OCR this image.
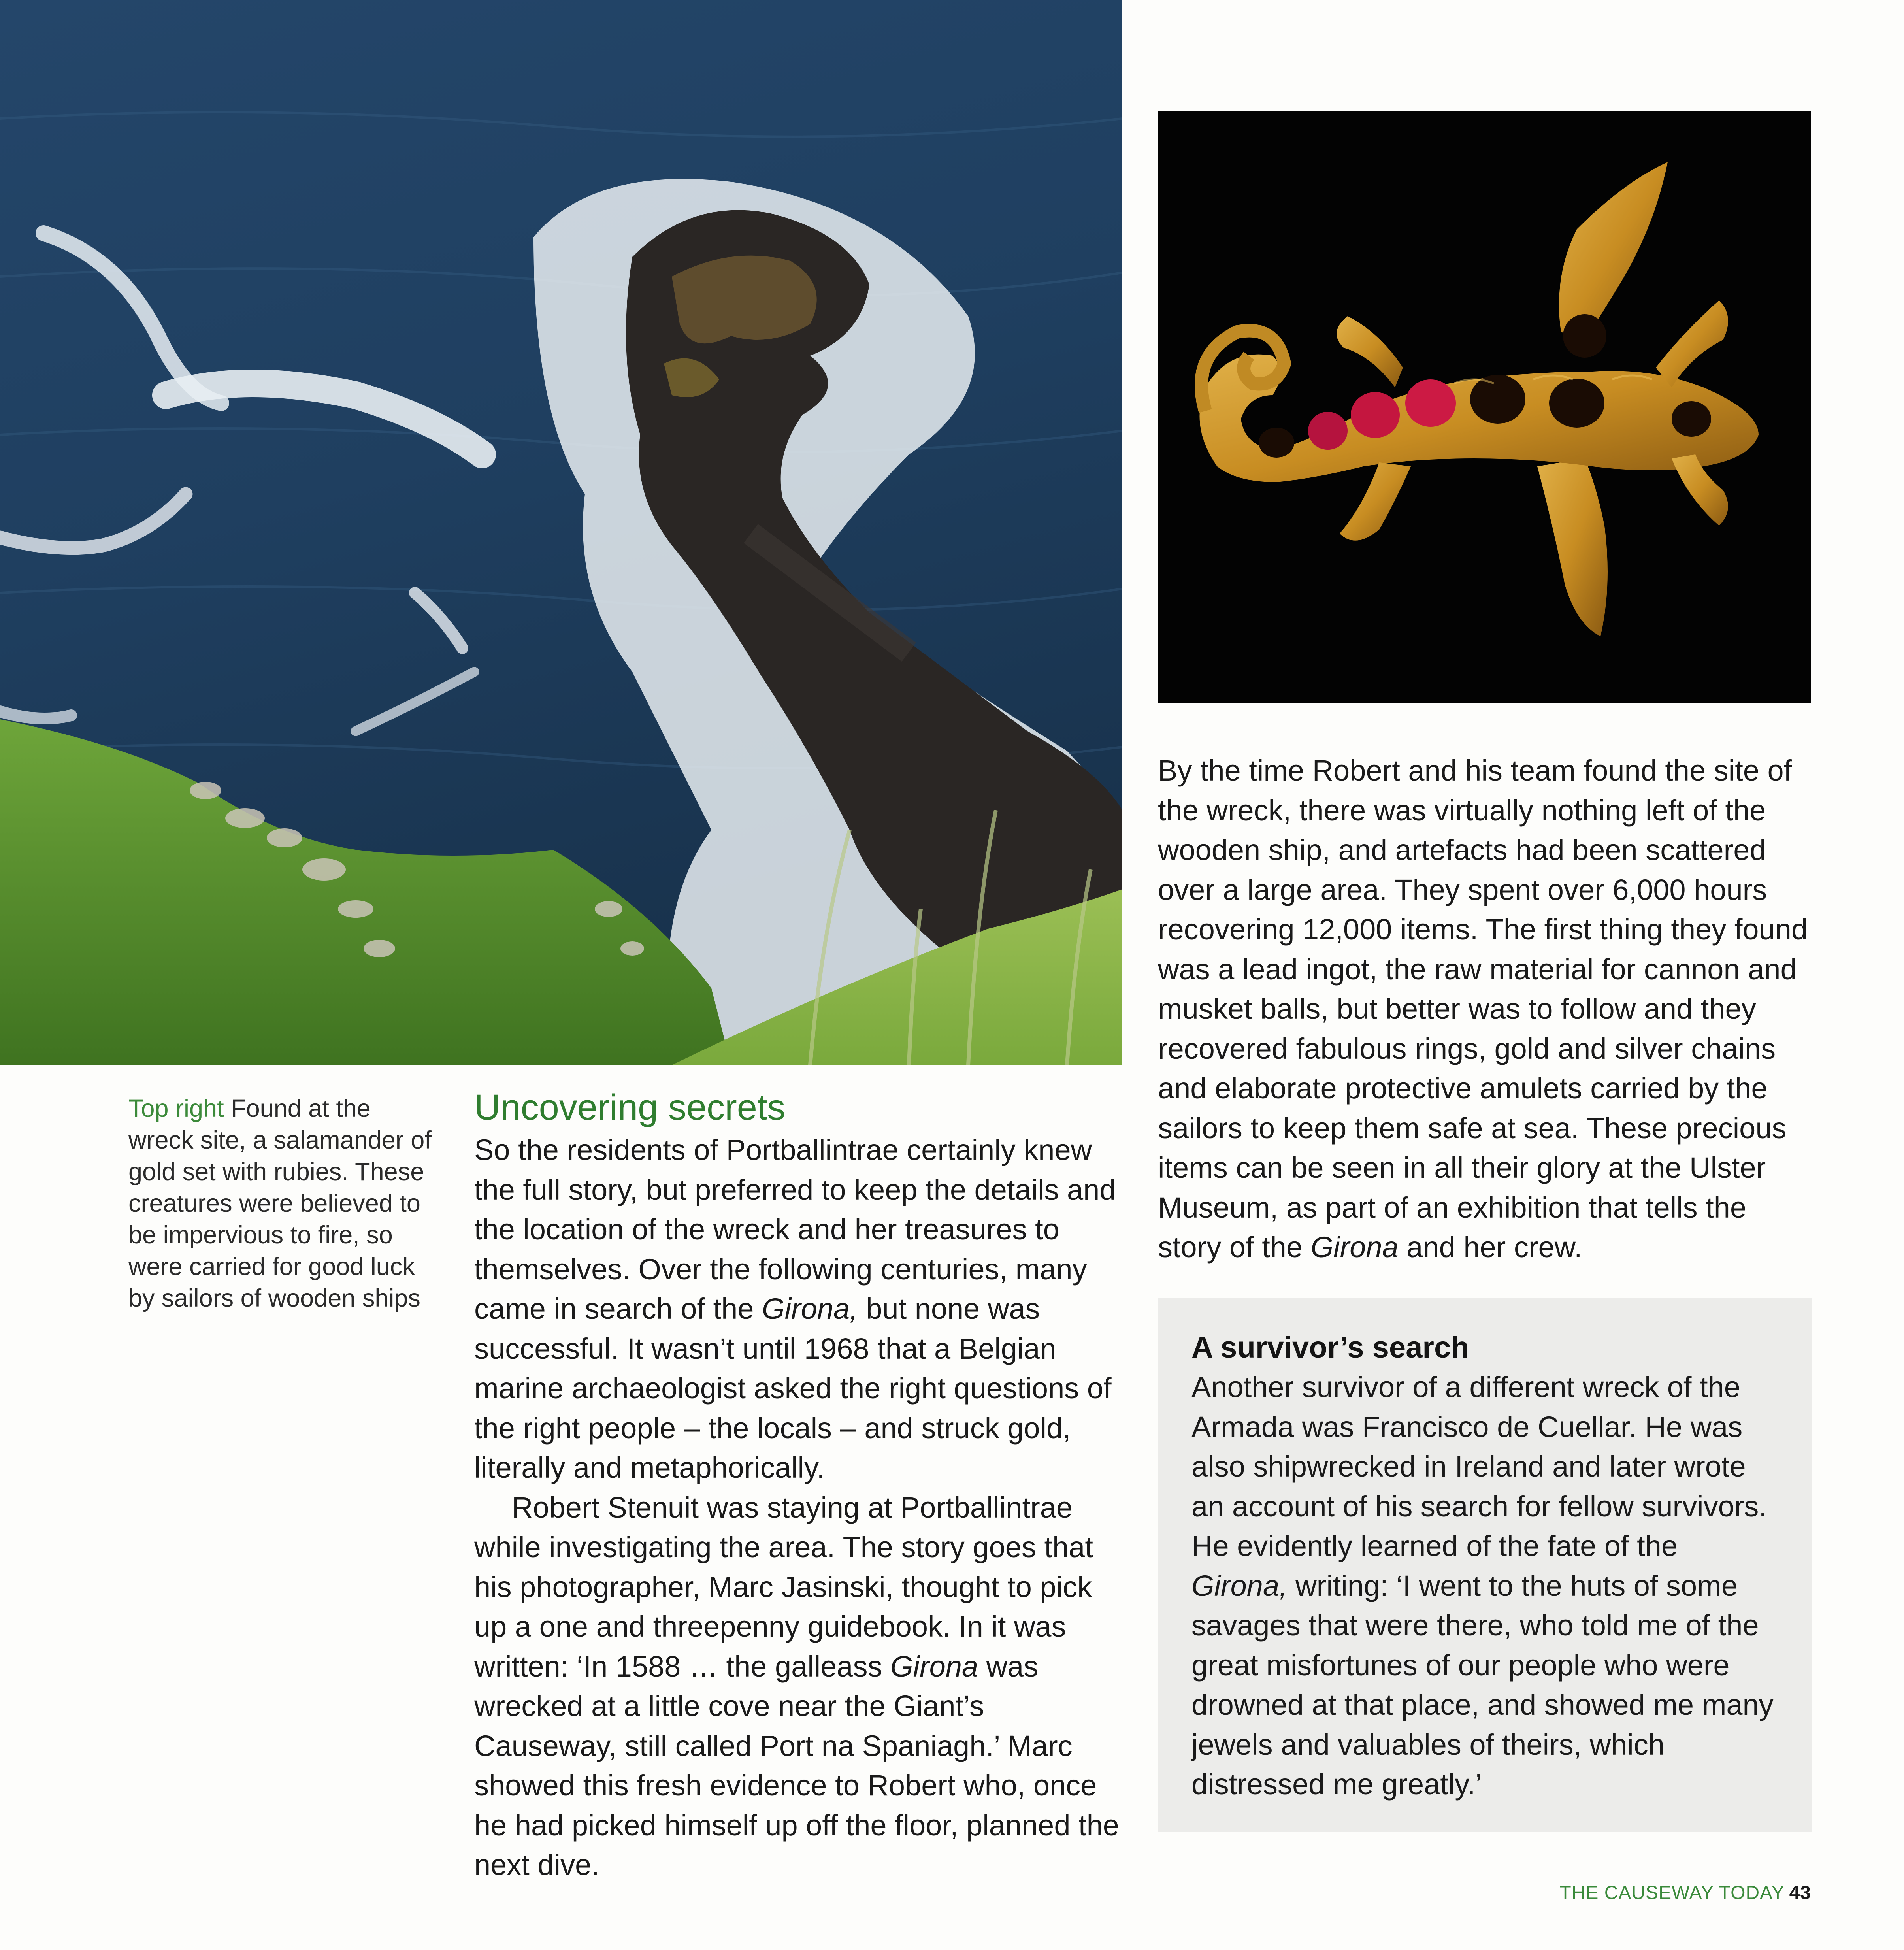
Top right Found at the wreck site, a salamander of gold set with rubies. These creatures were believed to be impervious to fire, so were carried for good luck by sailors of wooden ships
Uncovering secrets

So the residents of Portballintrae certainly knew the full story, but preferred to keep the details and the location of the wreck and her treasures to themselves. Over the following centuries, many came in search of the Girona, but none was successful. It wasn’t until 1968 that a Belgian marine archaeologist asked the right questions of the right people – the locals – and struck gold, literally and metaphorically.

Robert Stenuit was staying at Portballintrae while investigating the area. The story goes that his photographer, Marc Jasinski, thought to pick up a one and threepenny guidebook. In it was written: ‘In 1588 … the galleass Girona was wrecked at a little cove near the Giant’s Causeway, still called Port na Spaniagh.’ Marc showed this fresh evidence to Robert who, once he had picked himself up off the floor, planned the next dive.

By the time Robert and his team found the site of the wreck, there was virtually nothing left of the wooden ship, and artefacts had been scattered over a large area. They spent over 6,000 hours recovering 12,000 items. The first thing they found was a lead ingot, the raw material for cannon and musket balls, but better was to follow and they recovered fabulous rings, gold and silver chains and elaborate protective amulets carried by the sailors to keep them safe at sea. These precious items can be seen in all their glory at the Ulster Museum, as part of an exhibition that tells the story of the Girona and her crew.

A survivor’s search

Another survivor of a different wreck of the Armada was Francisco de Cuellar. He was also shipwrecked in Ireland and later wrote an account of his search for fellow survivors. He evidently learned of the fate of the Girona, writing: ‘I went to the huts of some savages that were there, who told me of the great misfortunes of our people who were drowned at that place, and showed me many jewels and valuables of theirs, which distressed me greatly.’

THE CAUSEWAY TODAY 43
